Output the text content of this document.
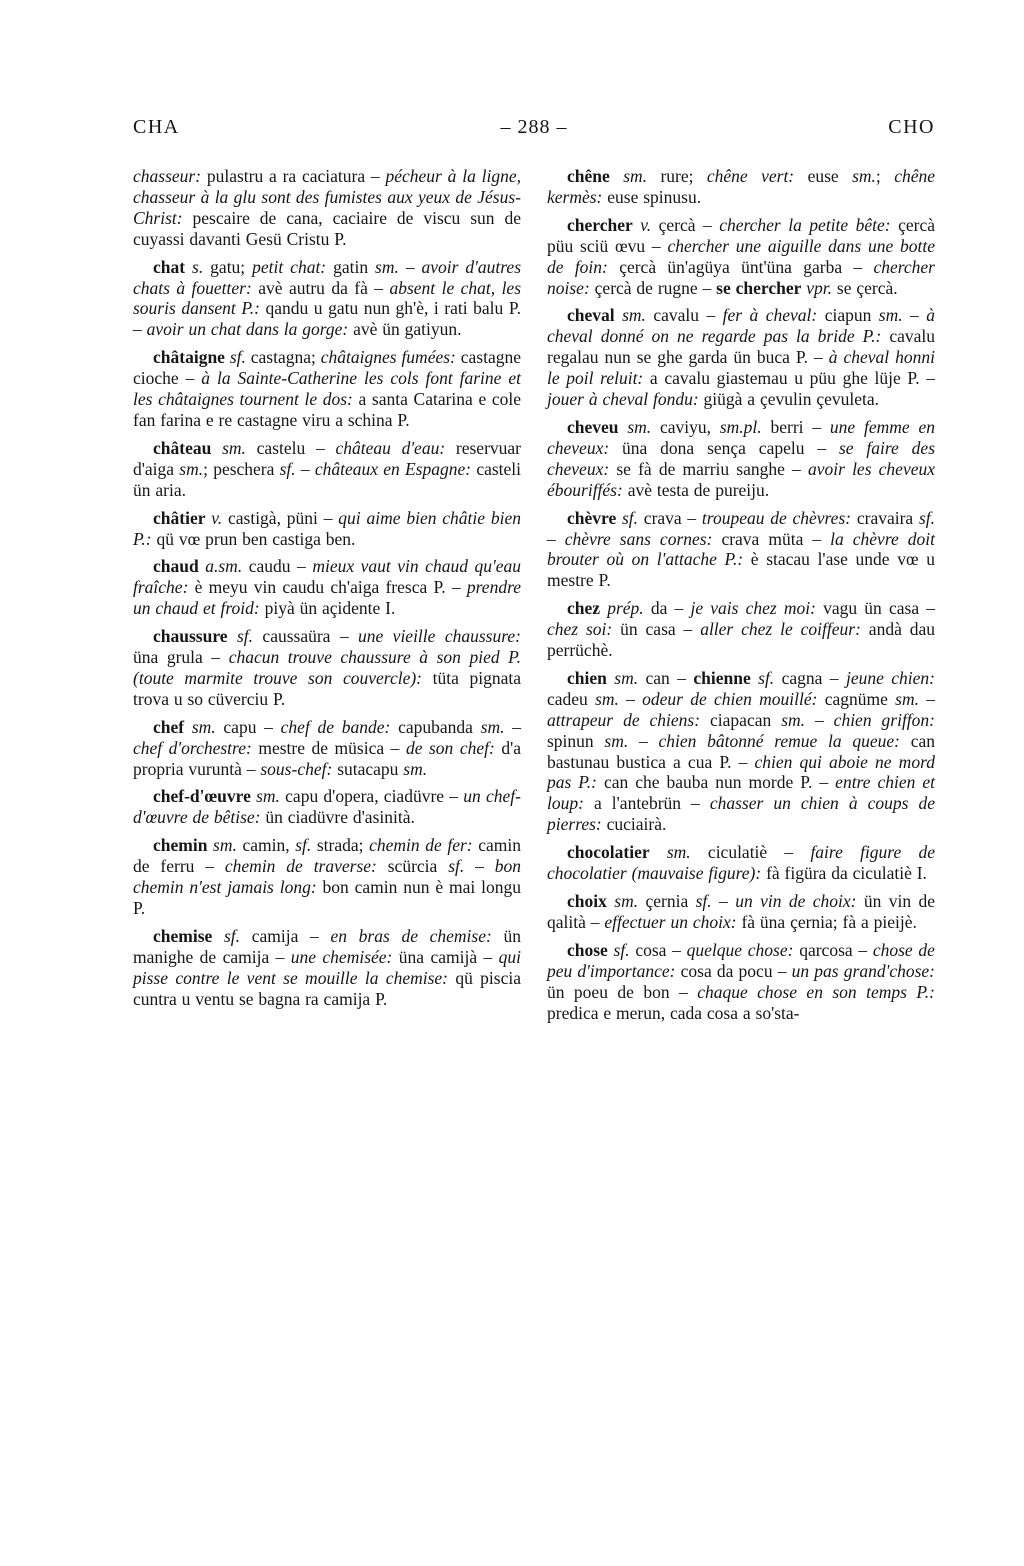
CHA	– 288 –	CHO

chasseur: pulastru a ra caciatura – pécheur à la ligne, chasseur à la glu sont des fumistes aux yeux de Jésus-Christ: pescaire de cana, caciaire de viscu sun de cuyassi davanti Gesü Cristu P.

chat s. gatu; petit chat: gatin sm. – avoir d'autres chats à fouetter: avè autru da fà – absent le chat, les souris dansent P.: qandu u gatu nun gh'è, i rati balu P. – avoir un chat dans la gorge: avè ün gatiyun.

châtaigne sf. castagna; châtaignes fumées: castagne cioche – à la Sainte-Catherine les cols font farine et les châtaignes tournent le dos: a santa Catarina e cole fan farina e re castagne viru a schina P.

château sm. castelu – château d'eau: reservuar d'aiga sm.; peschera sf. – châteaux en Espagne: casteli ün aria.

châtier v. castigà, püni – qui aime bien châtie bien P.: qü vœ prun ben castiga ben.

chaud a.sm. caudu – mieux vaut vin chaud qu'eau fraîche: è meyu vin caudu ch'aiga fresca P. – prendre un chaud et froid: piyà ün açidente I.

chaussure sf. caussaüra – une vieille chaussure: üna grula – chacun trouve chaussure à son pied P. (toute marmite trouve son couvercle): tüta pignata trova u so cüverciu P.

chef sm. capu – chef de bande: capubanda sm. – chef d'orchestre: mestre de müsica – de son chef: d'a propria vuruntà – sous-chef: sutacapu sm.

chef-d'œuvre sm. capu d'opera, ciadüvre – un chef-d'œuvre de bêtise: ün ciadüvre d'asinità.

chemin sm. camin, sf. strada; chemin de fer: camin de ferru – chemin de traverse: scürcia sf. – bon chemin n'est jamais long: bon camin nun è mai longu P.

chemise sf. camija – en bras de chemise: ün manighe de camija – une chemisée: üna camijà – qui pisse contre le vent se mouille la chemise: qü piscia cuntra u ventu se bagna ra camija P.

chêne sm. rure; chêne vert: euse sm.; chêne kermès: euse spinusu.

chercher v. çercà – chercher la petite bête: çercà püu sciü œvu – chercher une aiguille dans une botte de foin: çercà ün'agüya ünt'üna garba – chercher noise: çercà de rugne – se chercher vpr. se çercà.

cheval sm. cavalu – fer à cheval: ciapun sm. – à cheval donné on ne regarde pas la bride P.: cavalu regalau nun se ghe garda ün buca P. – à cheval honni le poil reluit: a cavalu giastemau u püu ghe lüje P. – jouer à cheval fondu: giügà a çevulin çevuleta.

cheveu sm. caviyu, sm.pl. berri – une femme en cheveux: üna dona sença capelu – se faire des cheveux: se fà de marriu sanghe – avoir les cheveux ébouriffés: avè testa de pureiju.

chèvre sf. crava – troupeau de chèvres: cravaira sf. – chèvre sans cornes: crava müta – la chèvre doit brouter où on l'attache P.: è stacau l'ase unde vœ u mestre P.

chez prép. da – je vais chez moi: vagu ün casa – chez soi: ün casa – aller chez le coiffeur: andà dau perrüchè.

chien sm. can – chienne sf. cagna – jeune chien: cadeu sm. – odeur de chien mouillé: cagnüme sm. – attrapeur de chiens: ciapacan sm. – chien griffon: spinun sm. – chien bâtonné remue la queue: can bastunau bustica a cua P. – chien qui aboie ne mord pas P.: can che bauba nun morde P. – entre chien et loup: a l'antebrün – chasser un chien à coups de pierres: cuciairà.

chocolatier sm. ciculatiè – faire figure de chocolatier (mauvaise figure): fà figüra da ciculatiè I.

choix sm. çernia sf. – un vin de choix: ün vin de qalità – effectuer un choix: fà üna çernia; fà a pieijè.

chose sf. cosa – quelque chose: qarcosa – chose de peu d'importance: cosa da pocu – un pas grand'chose: ün poeu de bon – chaque chose en son temps P.: predica e merun, cada cosa a so'sta-
